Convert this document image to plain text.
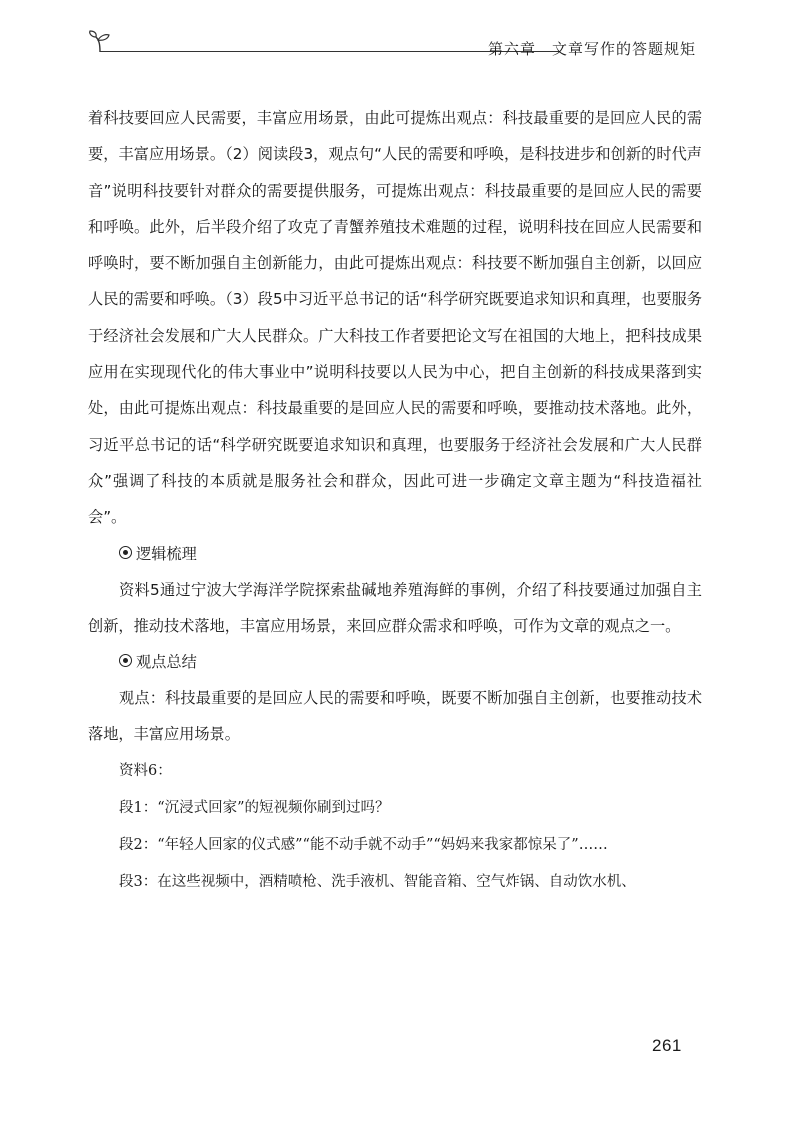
第六章　文章写作的答题规矩

着科技要回应人民需要，丰富应用场景，由此可提炼出观点：科技最重要的是回应人民的需要，丰富应用场景。（2）阅读段3，观点句“人民的需要和呼唤，是科技进步和创新的时代声音”说明科技要针对群众的需要提供服务，可提炼出观点：科技最重要的是回应人民的需要和呼唤。此外，后半段介绍了攻克了青蟹养殖技术难题的过程，说明科技在回应人民需要和呼唤时，要不断加强自主创新能力，由此可提炼出观点：科技要不断加强自主创新，以回应人民的需要和呼唤。（3）段5中习近平总书记的话“科学研究既要追求知识和真理，也要服务于经济社会发展和广大人民群众。广大科技工作者要把论文写在祖国的大地上，把科技成果应用在实现现代化的伟大事业中”说明科技要以人民为中心，把自主创新的科技成果落到实处，由此可提炼出观点：科技最重要的是回应人民的需要和呼唤，要推动技术落地。此外，习近平总书记的话“科学研究既要追求知识和真理，也要服务于经济社会发展和广大人民群众”强调了科技的本质就是服务社会和群众，因此可进一步确定文章主题为“科技造福社会”。

逻辑梳理

资料5通过宁波大学海洋学院探索盐碱地养殖海鲜的事例，介绍了科技要通过加强自主创新，推动技术落地，丰富应用场景，来回应群众需求和呼唤，可作为文章的观点之一。

观点总结

观点：科技最重要的是回应人民的需要和呼唤，既要不断加强自主创新，也要推动技术落地，丰富应用场景。

资料6：

段1：“沉浸式回家”的短视频你刷到过吗？

段2：“年轻人回家的仪式感”“能不动手就不动手”“妈妈来我家都惊呆了”……

段3：在这些视频中，酒精喷枪、洗手液机、智能音箱、空气炸锅、自动饮水机、

261
